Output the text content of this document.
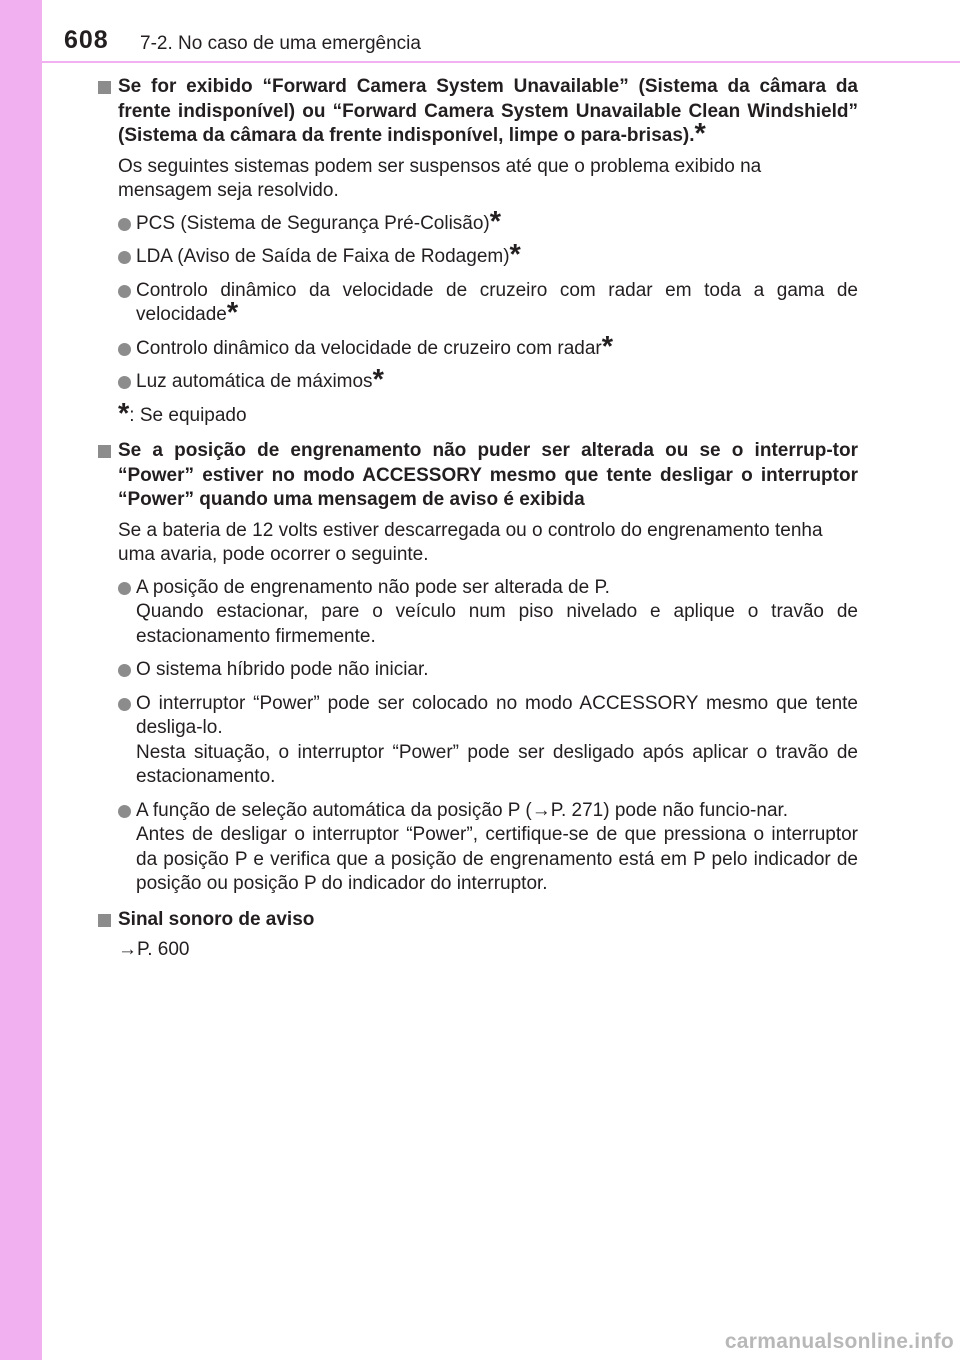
608 7-2. No caso de uma emergência
Se for exibido “Forward Camera System Unavailable” (Sistema da câmara da frente indisponível) ou “Forward Camera System Unavailable Clean Windshield” (Sistema da câmara da frente indisponível, limpe o para-brisas).*
Os seguintes sistemas podem ser suspensos até que o problema exibido na mensagem seja resolvido.
PCS (Sistema de Segurança Pré-Colisão)*
LDA (Aviso de Saída de Faixa de Rodagem)*
Controlo dinâmico da velocidade de cruzeiro com radar em toda a gama de velocidade*
Controlo dinâmico da velocidade de cruzeiro com radar*
Luz automática de máximos*
*: Se equipado
Se a posição de engrenamento não puder ser alterada ou se o interrup-tor “Power” estiver no modo ACCESSORY mesmo que tente desligar o interruptor “Power” quando uma mensagem de aviso é exibida
Se a bateria de 12 volts estiver descarregada ou o controlo do engrenamento tenha uma avaria, pode ocorrer o seguinte.
A posição de engrenamento não pode ser alterada de P.
Quando estacionar, pare o veículo num piso nivelado e aplique o travão de estacionamento firmemente.
O sistema híbrido pode não iniciar.
O interruptor “Power” pode ser colocado no modo ACCESSORY mesmo que tente desliga-lo.
Nesta situação, o interruptor “Power” pode ser desligado após aplicar o travão de estacionamento.
A função de seleção automática da posição P (→P. 271) pode não funcio-nar.
Antes de desligar o interruptor “Power”, certifique-se de que pressiona o interruptor da posição P e verifica que a posição de engrenamento está em P pelo indicador de posição ou posição P do indicador do interruptor.
Sinal sonoro de aviso
→P. 600
carmanualsonline.info
